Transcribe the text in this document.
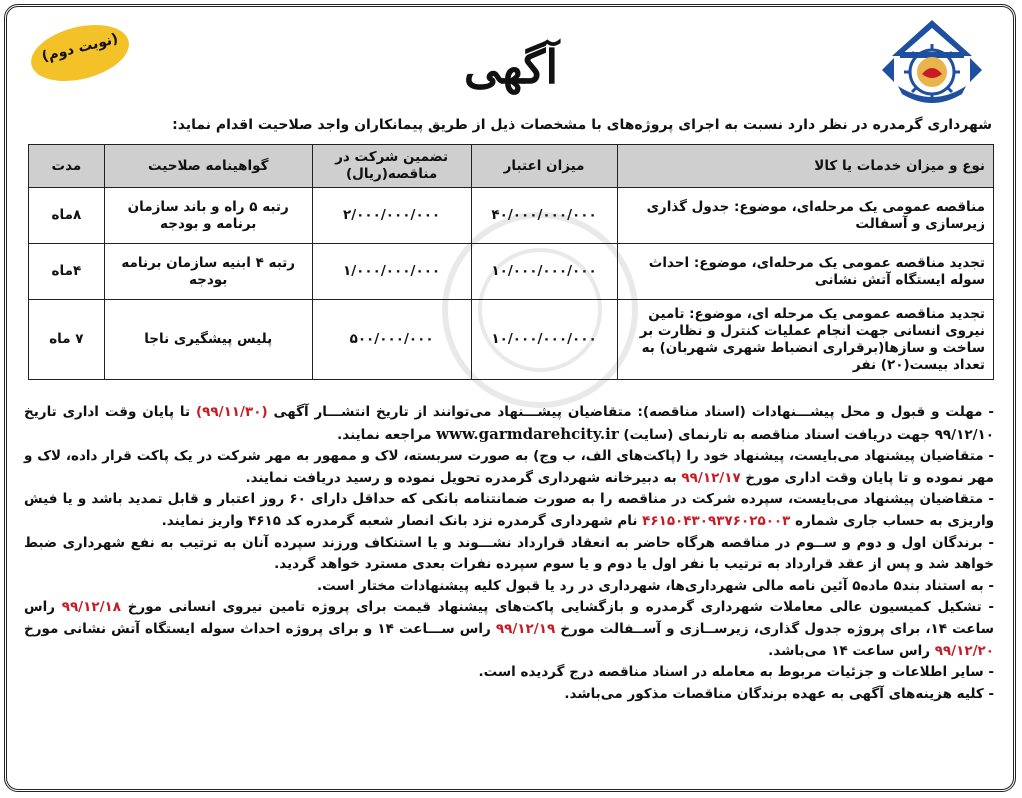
آگهی
(نوبت دوم)
شهرداری گرمدره در نظر دارد نسبت به اجرای پروژه‌های با مشخصات ذیل از طریق پیمانکاران واجد صلاحیت اقدام نماید:
نوع و میزان خدمات یا کالا	میزان اعتبار	تضمین شرکت در مناقصه(ریال)	گواهینامه صلاحیت	مدت
مناقصه عمومی یک مرحله‌ای، موضوع: جدول گذاری زیرسازی و آسفالت	۴۰/۰۰۰/۰۰۰/۰۰۰	۲/۰۰۰/۰۰۰/۰۰۰	رتبه ۵ راه و باند سازمان برنامه و بودجه	۸ماه
تجدید مناقصه عمومی یک مرحله‌ای، موضوع: احداث سوله ایستگاه آتش نشانی	۱۰/۰۰۰/۰۰۰/۰۰۰	۱/۰۰۰/۰۰۰/۰۰۰	رتبه ۴ ابنیه سازمان برنامه بودجه	۴ماه
تجدید مناقصه عمومی یک مرحله ای، موضوع: تامین نیروی انسانی جهت انجام عملیات کنترل و نظارت بر ساخت و سازها(برقراری انضباط شهری شهربان) به تعداد بیست(۲۰) نفر	۱۰/۰۰۰/۰۰۰/۰۰۰	۵۰۰/۰۰۰/۰۰۰	پلیس پیشگیری ناجا	۷ ماه

- مهلت و قبول و محل پیشـــنهادات (اسناد مناقصه): متقاضیان پیشـــنهاد می‌توانند از تاریخ انتشـــار آگهی (۹۹/۱۱/۳۰) تا پایان وقت اداری تاریخ ۹۹/۱۲/۱۰ جهت دریافت اسناد مناقصه به تارنمای (سایت) www.garmdarehcity.ir مراجعه نمایند.

- متقاضیان پیشنهاد می‌بایست، پیشنهاد خود را (پاکت‌های الف، ب وج) به صورت سربسته، لاک و ممهور به مهر شرکت در یک پاکت قرار داده، لاک و مهر نموده و تا پایان وقت اداری مورخ ۹۹/۱۲/۱۷ به دبیرخانه شهرداری گرمدره تحویل نموده و رسید دریافت نمایند.

- متقاضیان پیشنهاد می‌بایست، سپرده شرکت در مناقصه را به صورت ضمانتنامه بانکی که حداقل دارای ۶۰ روز اعتبار و قابل تمدید باشد و یا فیش واریزی به حساب جاری شماره ۴۶۱۵۰۴۳۰۹۳۷۶۰۲۵۰۰۳ نام شهرداری گرمدره نزد بانک انصار شعبه گرمدره کد ۴۶۱۵ واریز نمایند.

- برندگان اول و دوم و ســوم در مناقصه هرگاه حاضر به انعقاد قرارداد نشـــوند و یا استنکاف ورزند سپرده آنان به ترتیب به نفع شهرداری ضبط خواهد شد و پس از عقد قرارداد به ترتیب با نفر اول یا دوم و یا سوم سپرده نفرات بعدی مسترد خواهد گردید.

- به استناد بند۵ ماده۵ آئین نامه مالی شهرداری‌ها، شهرداری در رد یا قبول کلیه پیشنهادات مختار است.

- تشکیل کمیسیون عالی معاملات شهرداری گرمدره و بازگشایی پاکت‌های پیشنهاد قیمت برای پروژه تامین نیروی انسانی مورخ ۹۹/۱۲/۱۸ راس ساعت ۱۴، برای پروژه جدول گذاری، زیرســازی و آســفالت مورخ ۹۹/۱۲/۱۹ راس ســـاعت ۱۴ و برای پروژه احداث سوله ایستگاه آتش نشانی مورخ ۹۹/۱۲/۲۰ راس ساعت ۱۴ می‌باشد.

- سایر اطلاعات و جزئیات مربوط به معامله در اسناد مناقصه درج گردیده است.

- کلیه هزینه‌های آگهی به عهده برندگان مناقصات مذکور می‌باشد.
